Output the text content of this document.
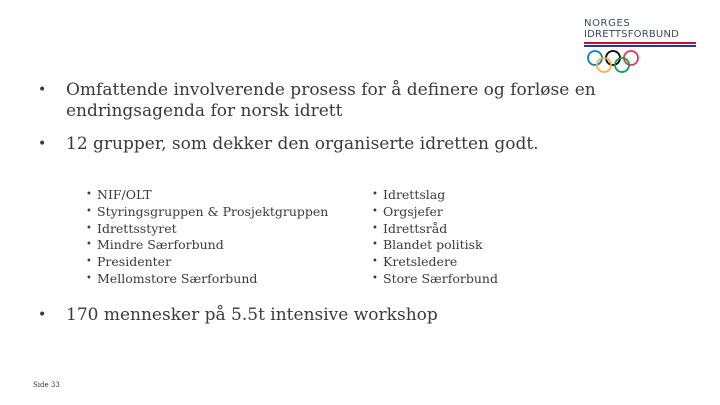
NORGES
IDRETTSFORBUND
• Omfattende involverende prosess for å definere og forløse en endringsagenda for norsk idrett
• 12 grupper, som dekker den organiserte idretten godt.
• NIF/OLT
• Styringsgruppen & Prosjektgruppen
• Idrettsstyret
• Mindre Særforbund
• Presidenter
• Mellomstore Særforbund
• Idrettslag
• Orgsjefer
• Idrettsråd
• Blandet politisk
• Kretsledere
• Store Særforbund
• 170 mennesker på 5.5t intensive workshop
Side 33
